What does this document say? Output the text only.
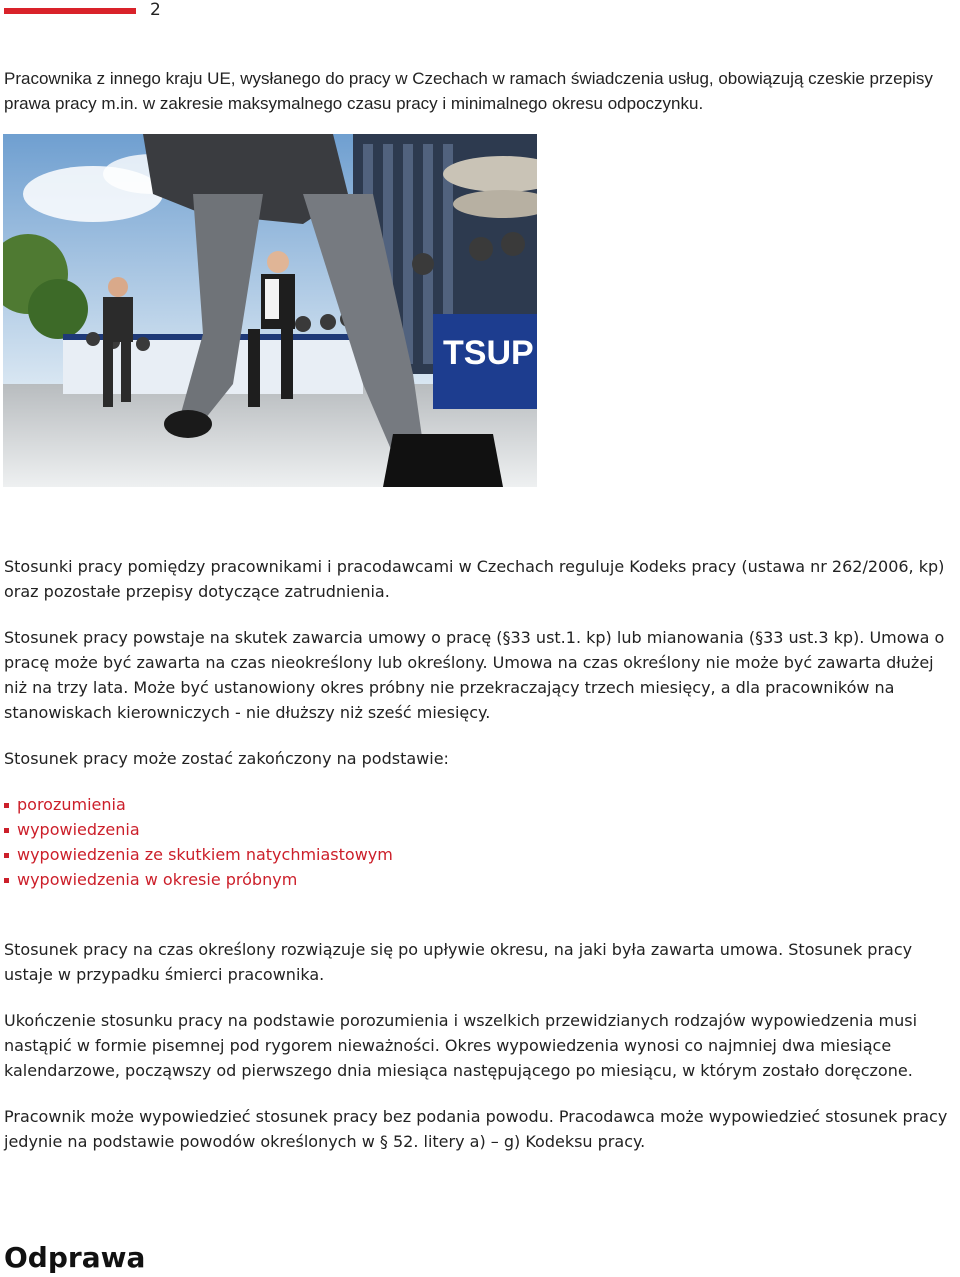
2

Pracownika z innego kraju UE, wysłanego do pracy w Czechach w ramach świadczenia usług, obowiązują czeskie przepisy prawa pracy m.in. w zakresie maksymalnego czasu pracy i minimalnego okresu odpoczynku.

TSUP

Stosunki pracy pomiędzy pracownikami i pracodawcami w Czechach reguluje Kodeks pracy (ustawa nr 262/2006, kp) oraz pozostałe przepisy dotyczące zatrudnienia.

Stosunek pracy powstaje na skutek zawarcia umowy o pracę (§33 ust.1. kp) lub mianowania (§33 ust.3 kp). Umowa o pracę może być zawarta na czas nieokreślony lub określony. Umowa na czas określony nie może być zawarta dłużej niż na trzy lata. Może być ustanowiony okres próbny nie przekraczający trzech miesięcy, a dla pracowników na stanowiskach kierowniczych - nie dłuższy niż sześć miesięcy.

Stosunek pracy może zostać zakończony na podstawie:

porozumienia
wypowiedzenia
wypowiedzenia ze skutkiem natychmiastowym
wypowiedzenia w okresie próbnym

Stosunek pracy na czas określony rozwiązuje się po upływie okresu, na jaki była zawarta umowa. Stosunek pracy ustaje w przypadku śmierci pracownika.

Ukończenie stosunku pracy na podstawie porozumienia i wszelkich przewidzianych rodzajów wypowiedzenia musi nastąpić w formie pisemnej pod rygorem nieważności. Okres wypowiedzenia wynosi co najmniej dwa miesiące kalendarzowe, począwszy od pierwszego dnia miesiąca następującego po miesiącu, w którym zostało doręczone.

Pracownik może wypowiedzieć stosunek pracy bez podania powodu. Pracodawca może wypowiedzieć stosunek pracy jedynie na podstawie powodów określonych w § 52. litery a) – g) Kodeksu pracy.

Odprawa
